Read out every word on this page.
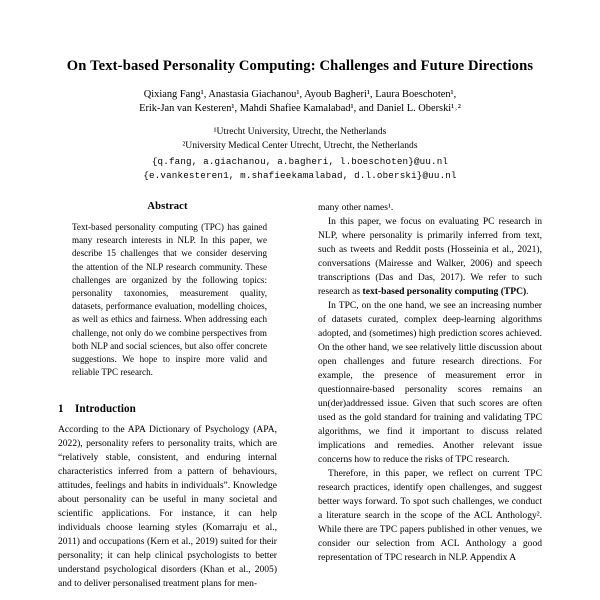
On Text-based Personality Computing: Challenges and Future Directions
Qixiang Fang¹, Anastasia Giachanou¹, Ayoub Bagheri¹, Laura Boeschoten¹,
Erik-Jan van Kesteren¹, Mahdi Shafiee Kamalabad¹, and Daniel L. Oberski¹˒²
¹Utrecht University, Utrecht, the Netherlands
²University Medical Center Utrecht, Utrecht, the Netherlands
{q.fang, a.giachanou, a.bagheri, l.boeschoten}@uu.nl
{e.vankesteren1, m.shafieekamalabad, d.l.oberski}@uu.nl
Abstract

Text-based personality computing (TPC) has gained many research interests in NLP. In this paper, we describe 15 challenges that we consider deserving the attention of the NLP research community. These challenges are organized by the following topics: personality taxonomies, measurement quality, datasets, performance evaluation, modelling choices, as well as ethics and fairness. When addressing each challenge, not only do we combine perspectives from both NLP and social sciences, but also offer concrete suggestions. We hope to inspire more valid and reliable TPC research.

1 Introduction

According to the APA Dictionary of Psychology (APA, 2022), personality refers to personality traits, which are “relatively stable, consistent, and enduring internal characteristics inferred from a pattern of behaviours, attitudes, feelings and habits in individuals”. Knowledge about personality can be useful in many societal and scientific applications. For instance, it can help individuals choose learning styles (Komarraju et al., 2011) and occupations (Kern et al., 2019) suited for their personality; it can help clinical psychologists to better understand psychological disorders (Khan et al., 2005) and to deliver personalised treatment plans for men-

many other names¹.

In this paper, we focus on evaluating PC research in NLP, where personality is primarily inferred from text, such as tweets and Reddit posts (Hosseinia et al., 2021), conversations (Mairesse and Walker, 2006) and speech transcriptions (Das and Das, 2017). We refer to such research as text-based personality computing (TPC).

In TPC, on the one hand, we see an increasing number of datasets curated, complex deep-learning algorithms adopted, and (sometimes) high prediction scores achieved. On the other hand, we see relatively little discussion about open challenges and future research directions. For example, the presence of measurement error in questionnaire-based personality scores remains an un(der)addressed issue. Given that such scores are often used as the gold standard for training and validating TPC algorithms, we find it important to discuss related implications and remedies. Another relevant issue concerns how to reduce the risks of TPC research.

Therefore, in this paper, we reflect on current TPC research practices, identify open challenges, and suggest better ways forward. To spot such challenges, we conduct a literature search in the scope of the ACL Anthology². While there are TPC papers published in other venues, we consider our selection from ACL Anthology a good representation of TPC research in NLP. Appendix A
